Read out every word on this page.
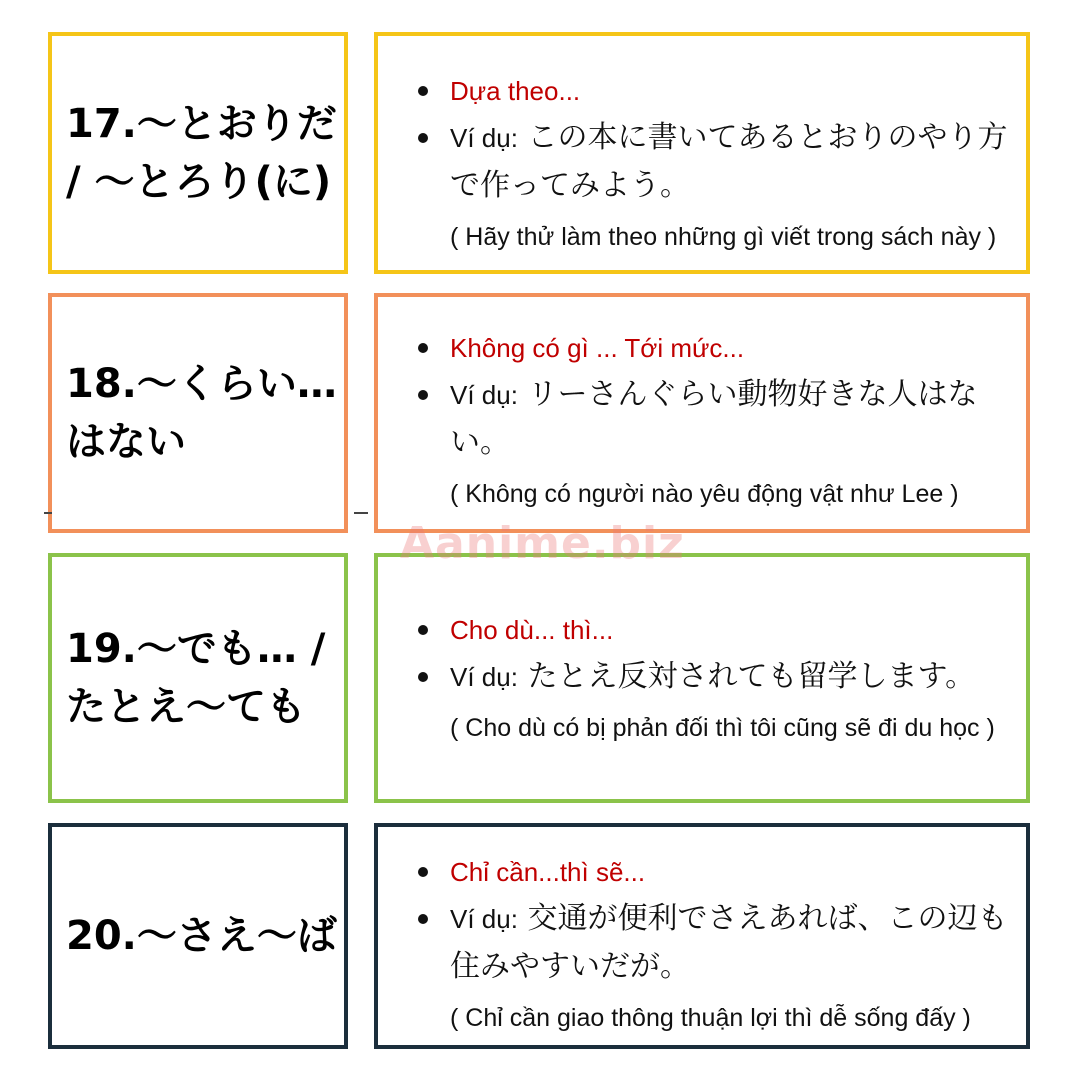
17.～とおりだ
/ ～とろり(に)
Dựa theo...
Ví dụ: この本に書いてあるとおりのやり方で作ってみよう。
( Hãy thử làm theo những gì viết trong sách này )
18.～くらい…
はない
Không có gì ... Tới mức...
Ví dụ: リーさんぐらい動物好きな人はない。
( Không có người nào yêu động vật như Lee )
19.～でも… /
たとえ～ても
Cho dù... thì...
Ví dụ: たとえ反対されても留学します。
( Cho dù có bị phản đối thì tôi cũng sẽ đi du học )
20.～さえ～ば
Chỉ cần...thì sẽ...
Ví dụ: 交通が便利でさえあれば、この辺も住みやすいだが。
( Chỉ cần giao thông thuận lợi thì dễ sống đấy )
Aanime.biz
